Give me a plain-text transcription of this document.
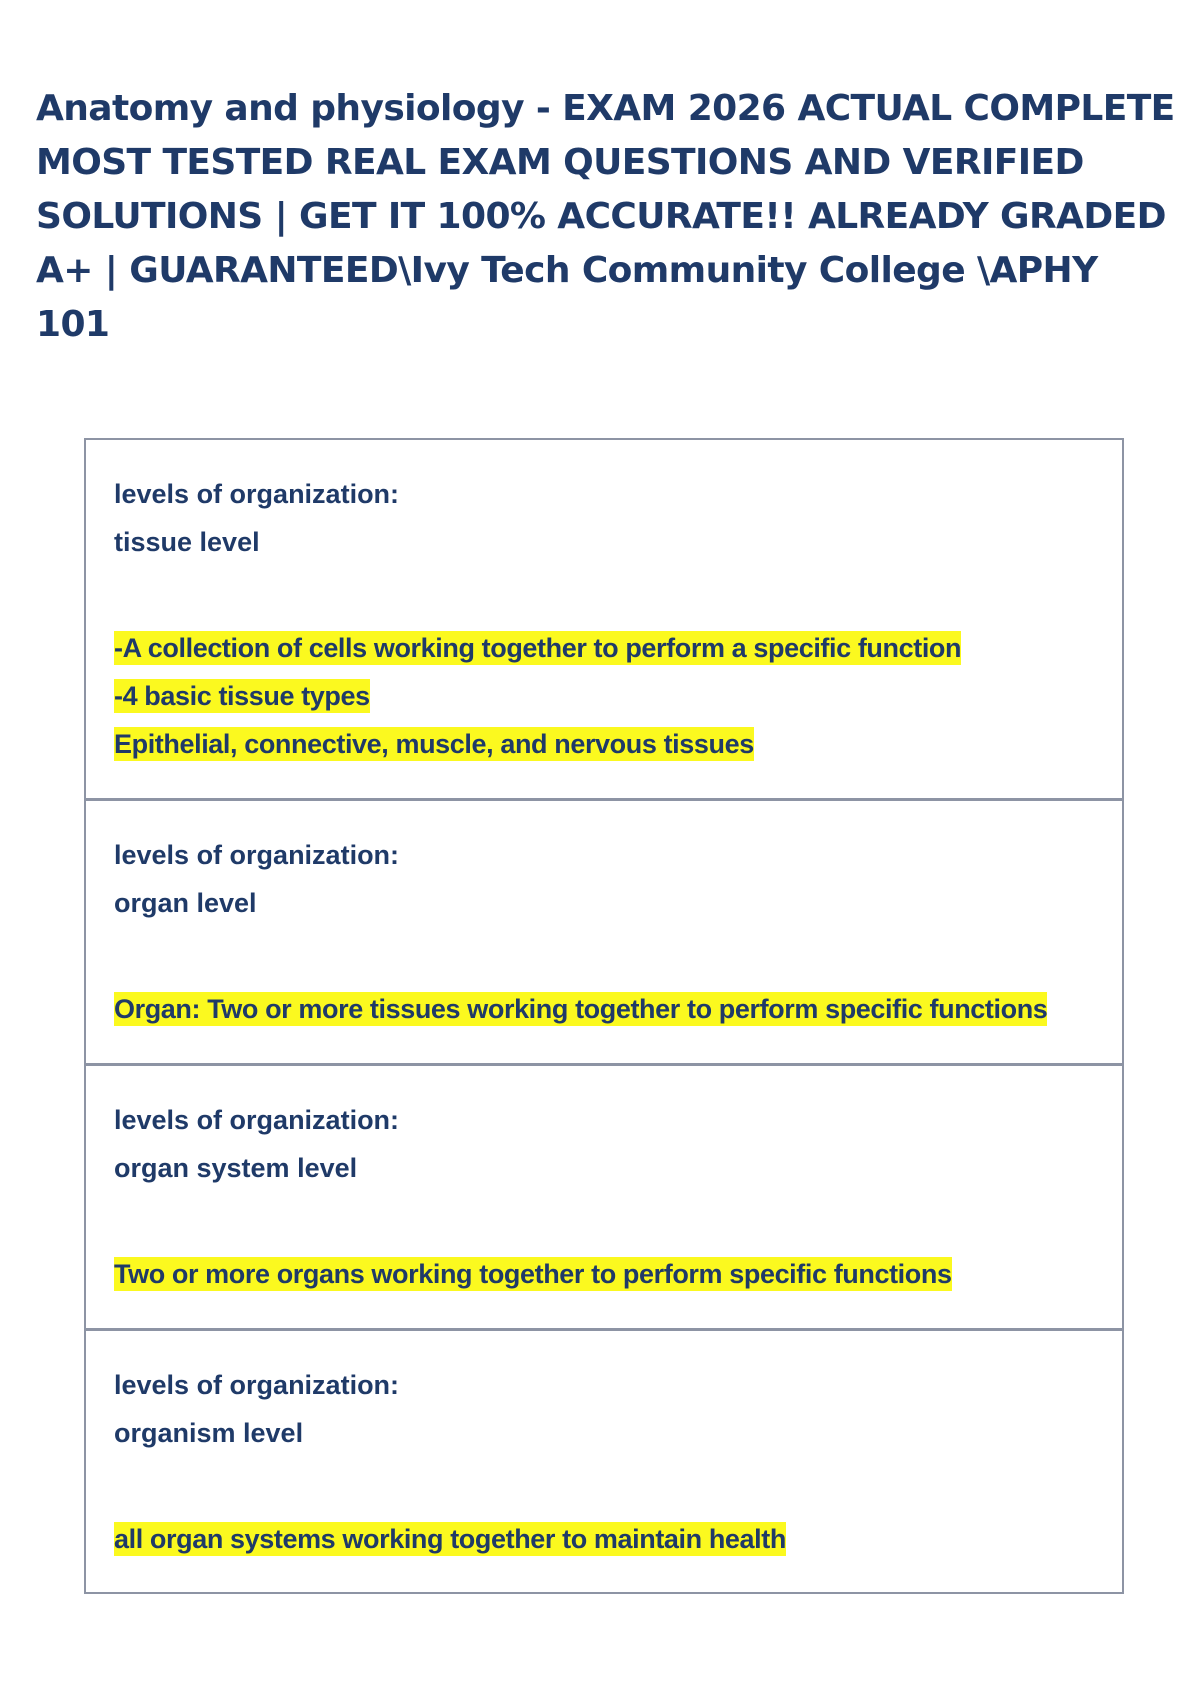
Anatomy and physiology - EXAM 2026 ACTUAL COMPLETE MOST TESTED REAL EXAM QUESTIONS AND VERIFIED SOLUTIONS | GET IT 100% ACCURATE!! ALREADY GRADED A+ | GUARANTEED\Ivy Tech Community College \APHY 101
levels of organization:
tissue level
-A collection of cells working together to perform a specific function
-4 basic tissue types
Epithelial, connective, muscle, and nervous tissues
levels of organization:
organ level
Organ: Two or more tissues working together to perform specific functions
levels of organization:
organ system level
Two or more organs working together to perform specific functions
levels of organization:
organism level
all organ systems working together to maintain health
